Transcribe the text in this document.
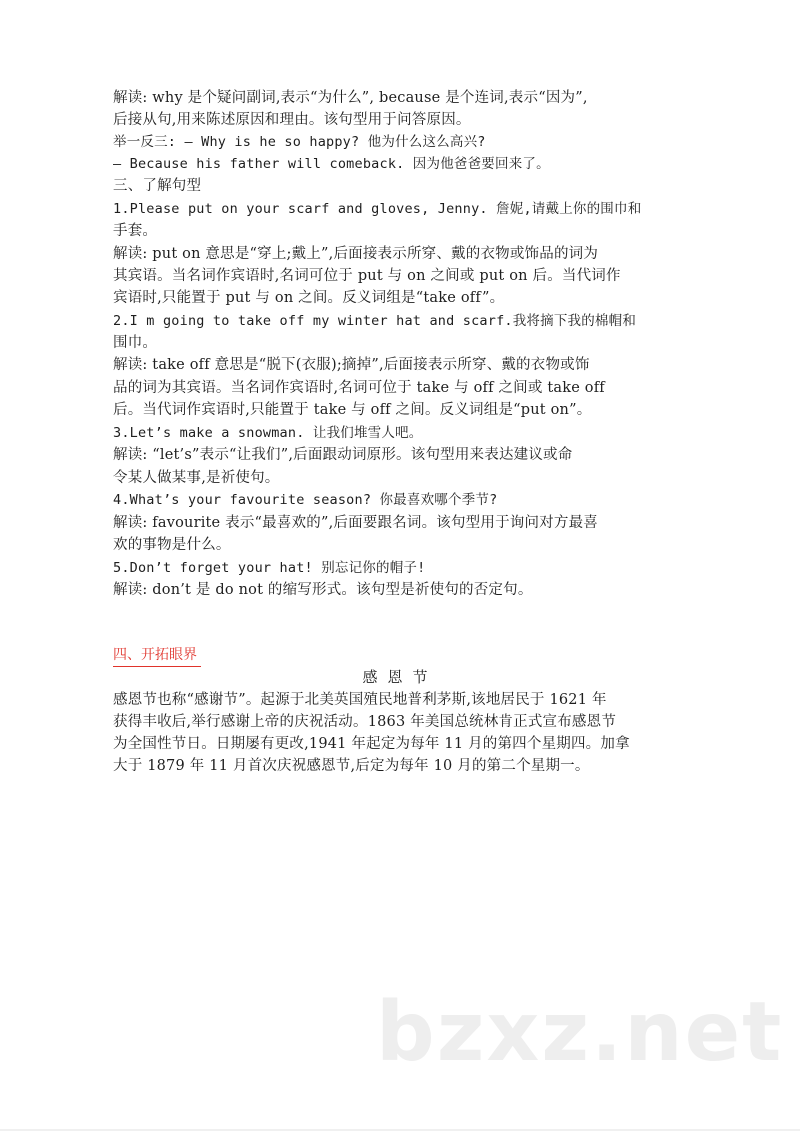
解读: why 是个疑问副词,表示“为什么”, because 是个连词,表示“因为”,
后接从句,用来陈述原因和理由。该句型用于问答原因。
举一反三: — Why is he so happy? 他为什么这么高兴?
— Because his father will comeback. 因为他爸爸要回来了。
三、了解句型
1.Please put on your scarf and gloves, Jenny. 詹妮,请戴上你的围巾和
手套。
解读: put on 意思是“穿上;戴上”,后面接表示所穿、戴的衣物或饰品的词为
其宾语。当名词作宾语时,名词可位于 put 与 on 之间或 put on 后。当代词作
宾语时,只能置于 put 与 on 之间。反义词组是“take off”。
2.I m going to take off my winter hat and scarf.我将摘下我的棉帽和
围巾。
解读: take off 意思是“脱下(衣服);摘掉”,后面接表示所穿、戴的衣物或饰
品的词为其宾语。当名词作宾语时,名词可位于 take 与 off 之间或 take off
后。当代词作宾语时,只能置于 take 与 off 之间。反义词组是“put on”。
3.Let’s make a snowman. 让我们堆雪人吧。
解读: “let’s”表示“让我们”,后面跟动词原形。该句型用来表达建议或命
令某人做某事,是祈使句。
4.What’s your favourite season? 你最喜欢哪个季节?
解读: favourite 表示“最喜欢的”,后面要跟名词。该句型用于询问对方最喜
欢的事物是什么。
5.Don’t forget your hat! 别忘记你的帽子!
解读: don’t 是 do not 的缩写形式。该句型是祈使句的否定句。
四、开拓眼界
感恩节
感恩节也称“感谢节”。起源于北美英国殖民地普利茅斯,该地居民于 1621 年
获得丰收后,举行感谢上帝的庆祝活动。1863 年美国总统林肯正式宣布感恩节
为全国性节日。日期屡有更改,1941 年起定为每年 11 月的第四个星期四。加拿
大于 1879 年 11 月首次庆祝感恩节,后定为每年 10 月的第二个星期一。
bzxz.net
